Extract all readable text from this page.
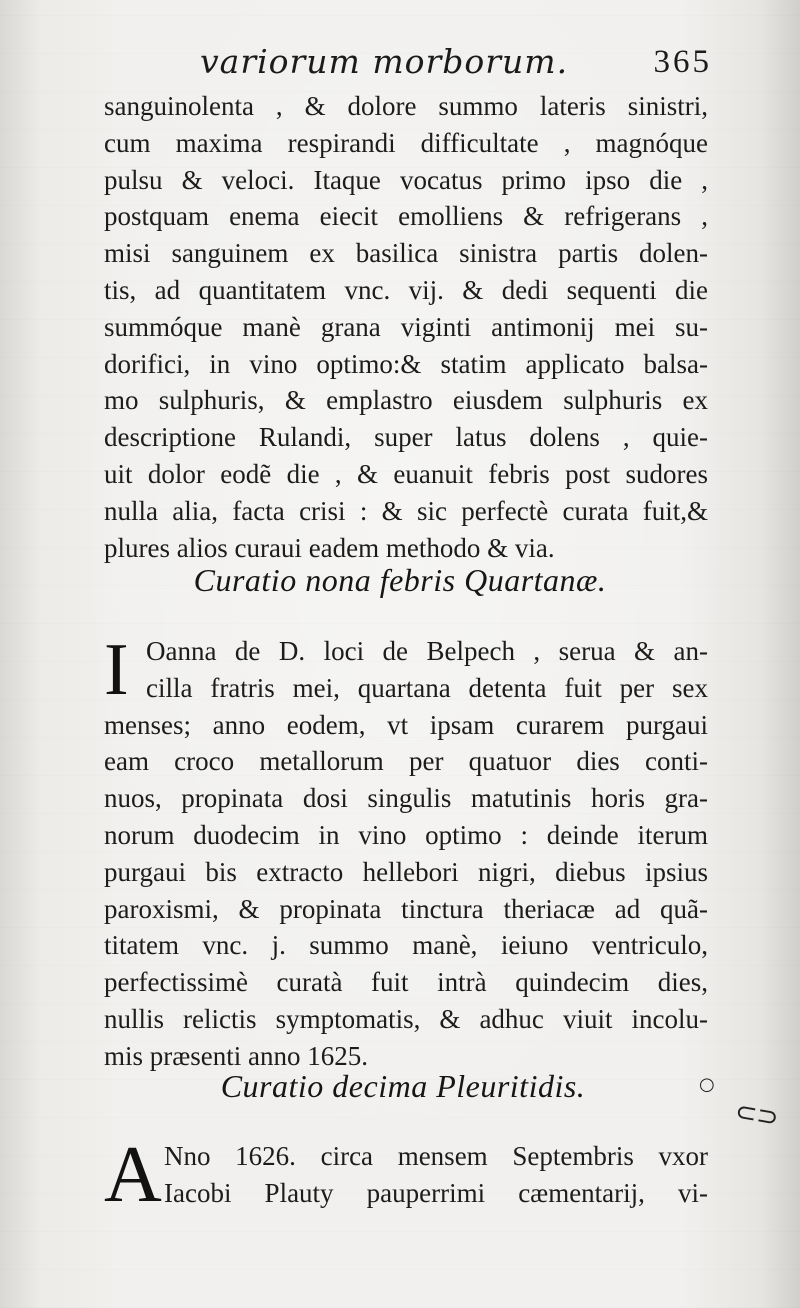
variorum morborum.	365
sanguinolenta , & dolore summo lateris sinistri,
cum maxima respirandi difficultate , magnóque
pulsu & veloci. Itaque vocatus primo ipso die ,
postquam enema eiecit emolliens & refrigerans ,
misi sanguinem ex basilica sinistra partis dolen-
tis, ad quantitatem vnc. vij. & dedi sequenti die
summóque manè grana viginti antimonij mei su-
dorifici, in vino optimo:& statim applicato balsa-
mo sulphuris, & emplastro eiusdem sulphuris ex
descriptione Rulandi, super latus dolens , quie-
uit dolor eodẽ die , & euanuit febris post sudores
nulla alia, facta crisi : & sic perfectè curata fuit,&
plures alios curaui eadem methodo & via.
Curatio nona febris Quartanæ.
I Oanna de D. loci de Belpech , serua & an-
cilla fratris mei, quartana detenta fuit per sex
menses; anno eodem, vt ipsam curarem purgaui
eam croco metallorum per quatuor dies conti-
nuos, propinata dosi singulis matutinis horis gra-
norum duodecim in vino optimo : deinde iterum
purgaui bis extracto hellebori nigri, diebus ipsius
paroxismi, & propinata tinctura theriacæ ad quã-
titatem vnc. j. summo manè, ieiuno ventriculo,
perfectissimè curatà fuit intrà quindecim dies,
nullis relictis symptomatis, & adhuc viuit incolu-
mis præsenti anno 1625.
Curatio decima Pleuritidis.	○
⊂⊃
A Nno 1626. circa mensem Septembris vxor
Iacobi Plauty pauperrimi cæmentarij, vi-
